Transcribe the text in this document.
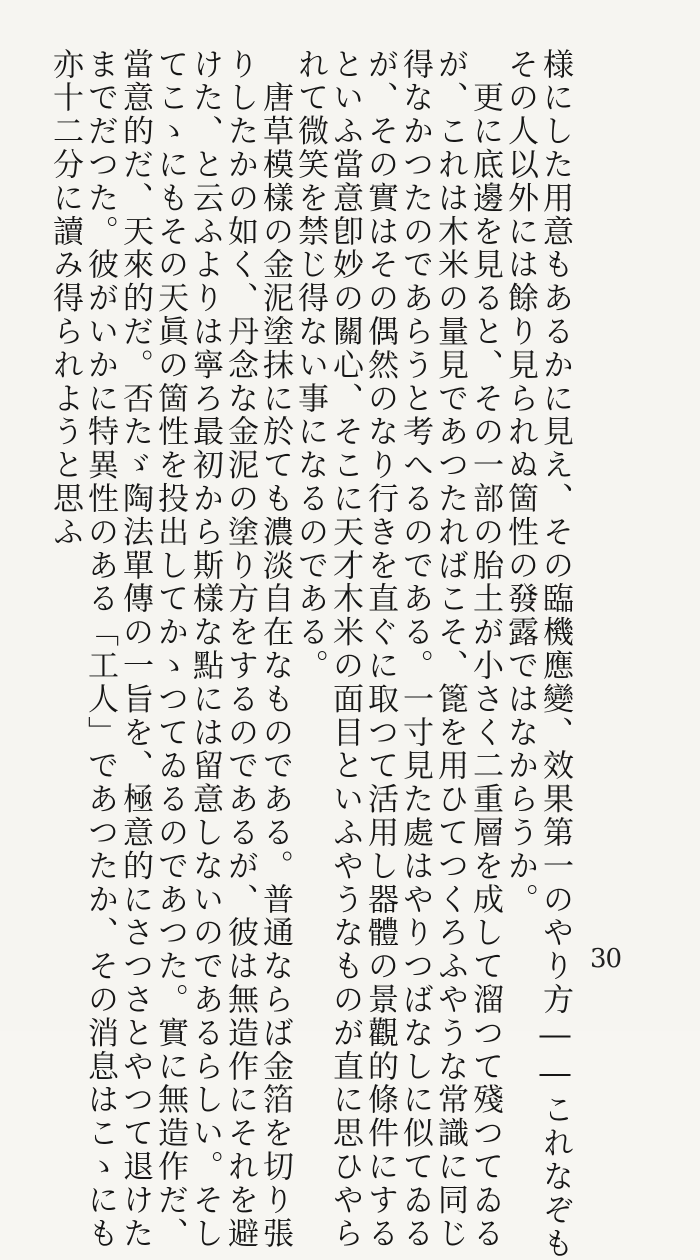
様にした用意もあるかに見え、その臨機應變、效果第一のやり方――これなぞも
その人以外には餘り見られぬ箇性の發露ではなからうか。
　更に底邊を見ると、その一部の胎土が小さく二重層を成して溜つて殘つてゐる
が、これは木米の量見であつたればこそ、篦を用ひてつくろふやうな常識に同じ
得なかつたのであらうと考へるのである。一寸見た處はやりつばなしに似てゐる
が、その實はその偶然のなり行きを直ぐに取つて活用し器體の景觀的條件にする
といふ當意卽妙の關心、そこに天才木米の面目といふやうなものが直に思ひやら
れて微笑を禁じ得ない事になるのである。
　唐草模樣の金泥塗抹に於ても濃淡自在なものである。普通ならば金箔を切り張
りしたかの如く、丹念な金泥の塗り方をするのであるが、彼は無造作にそれを避
けた、と云ふよりは寧ろ最初から斯樣な點には留意しないのであるらしい。そし
てこゝにもその天眞の箇性を投出してかゝつてゐるのであつた。實に無造作だ、
當意的だ、天來的だ。否たゞ陶法單傳の一旨を、極意的にさつさとやつて退けた
までだつた。彼がいかに特異性のある「工人」であつたか、その消息はこゝにも
亦十二分に讀み得られようと思ふ
30
